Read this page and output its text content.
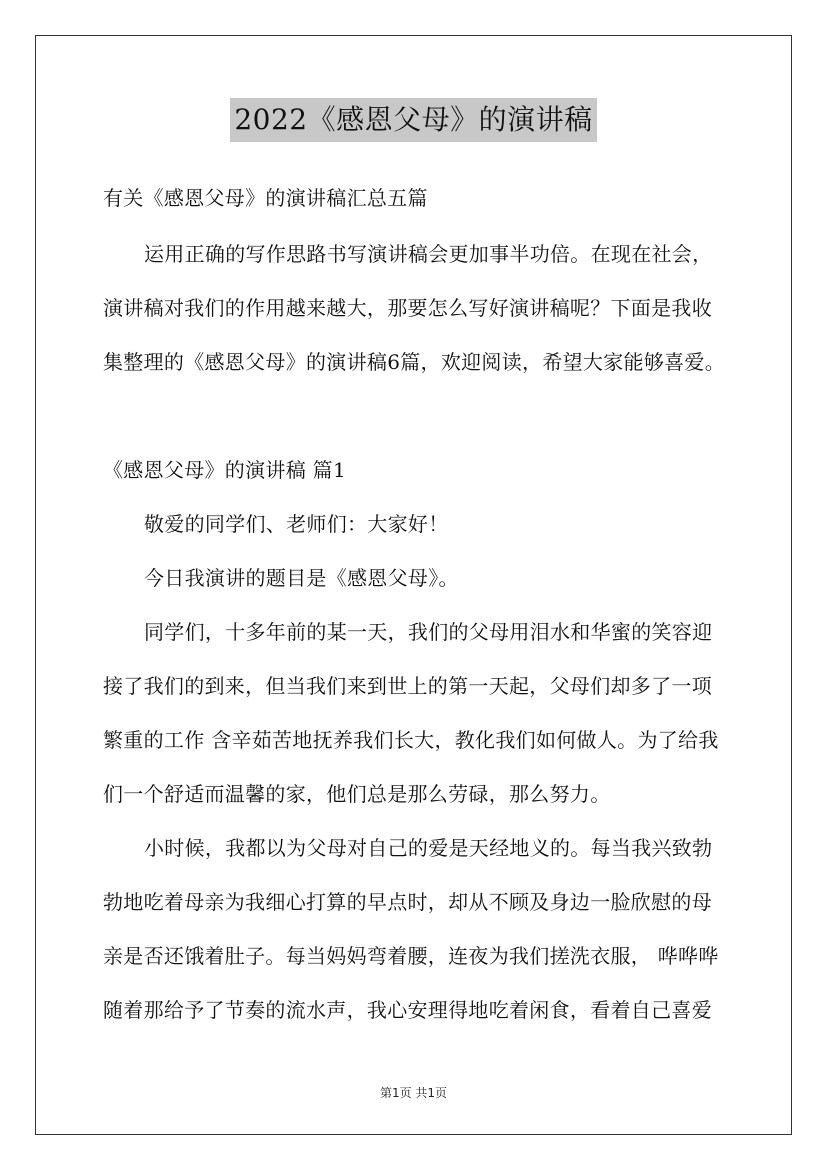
2022《感恩父母》的演讲稿
有关《感恩父母》的演讲稿汇总五篇
运用正确的写作思路书写演讲稿会更加事半功倍。在现在社会，
演讲稿对我们的作用越来越大，那要怎么写好演讲稿呢？下面是我收
集整理的《感恩父母》的演讲稿6篇，欢迎阅读，希望大家能够喜爱。
《感恩父母》的演讲稿 篇1
敬爱的同学们、老师们：大家好！
今日我演讲的题目是《感恩父母》。
同学们，十多年前的某一天，我们的父母用泪水和华蜜的笑容迎
接了我们的到来，但当我们来到世上的第一天起，父母们却多了一项
繁重的工作 含辛茹苦地抚养我们长大，教化我们如何做人。为了给我
们一个舒适而温馨的家，他们总是那么劳碌，那么努力。
小时候，我都以为父母对自己的爱是天经地义的。每当我兴致勃
勃地吃着母亲为我细心打算的早点时，却从不顾及身边一脸欣慰的母
亲是否还饿着肚子。每当妈妈弯着腰，连夜为我们搓洗衣服， 哗哗哗
随着那给予了节奏的流水声，我心安理得地吃着闲食，看着自己喜爱
第1页 共1页
